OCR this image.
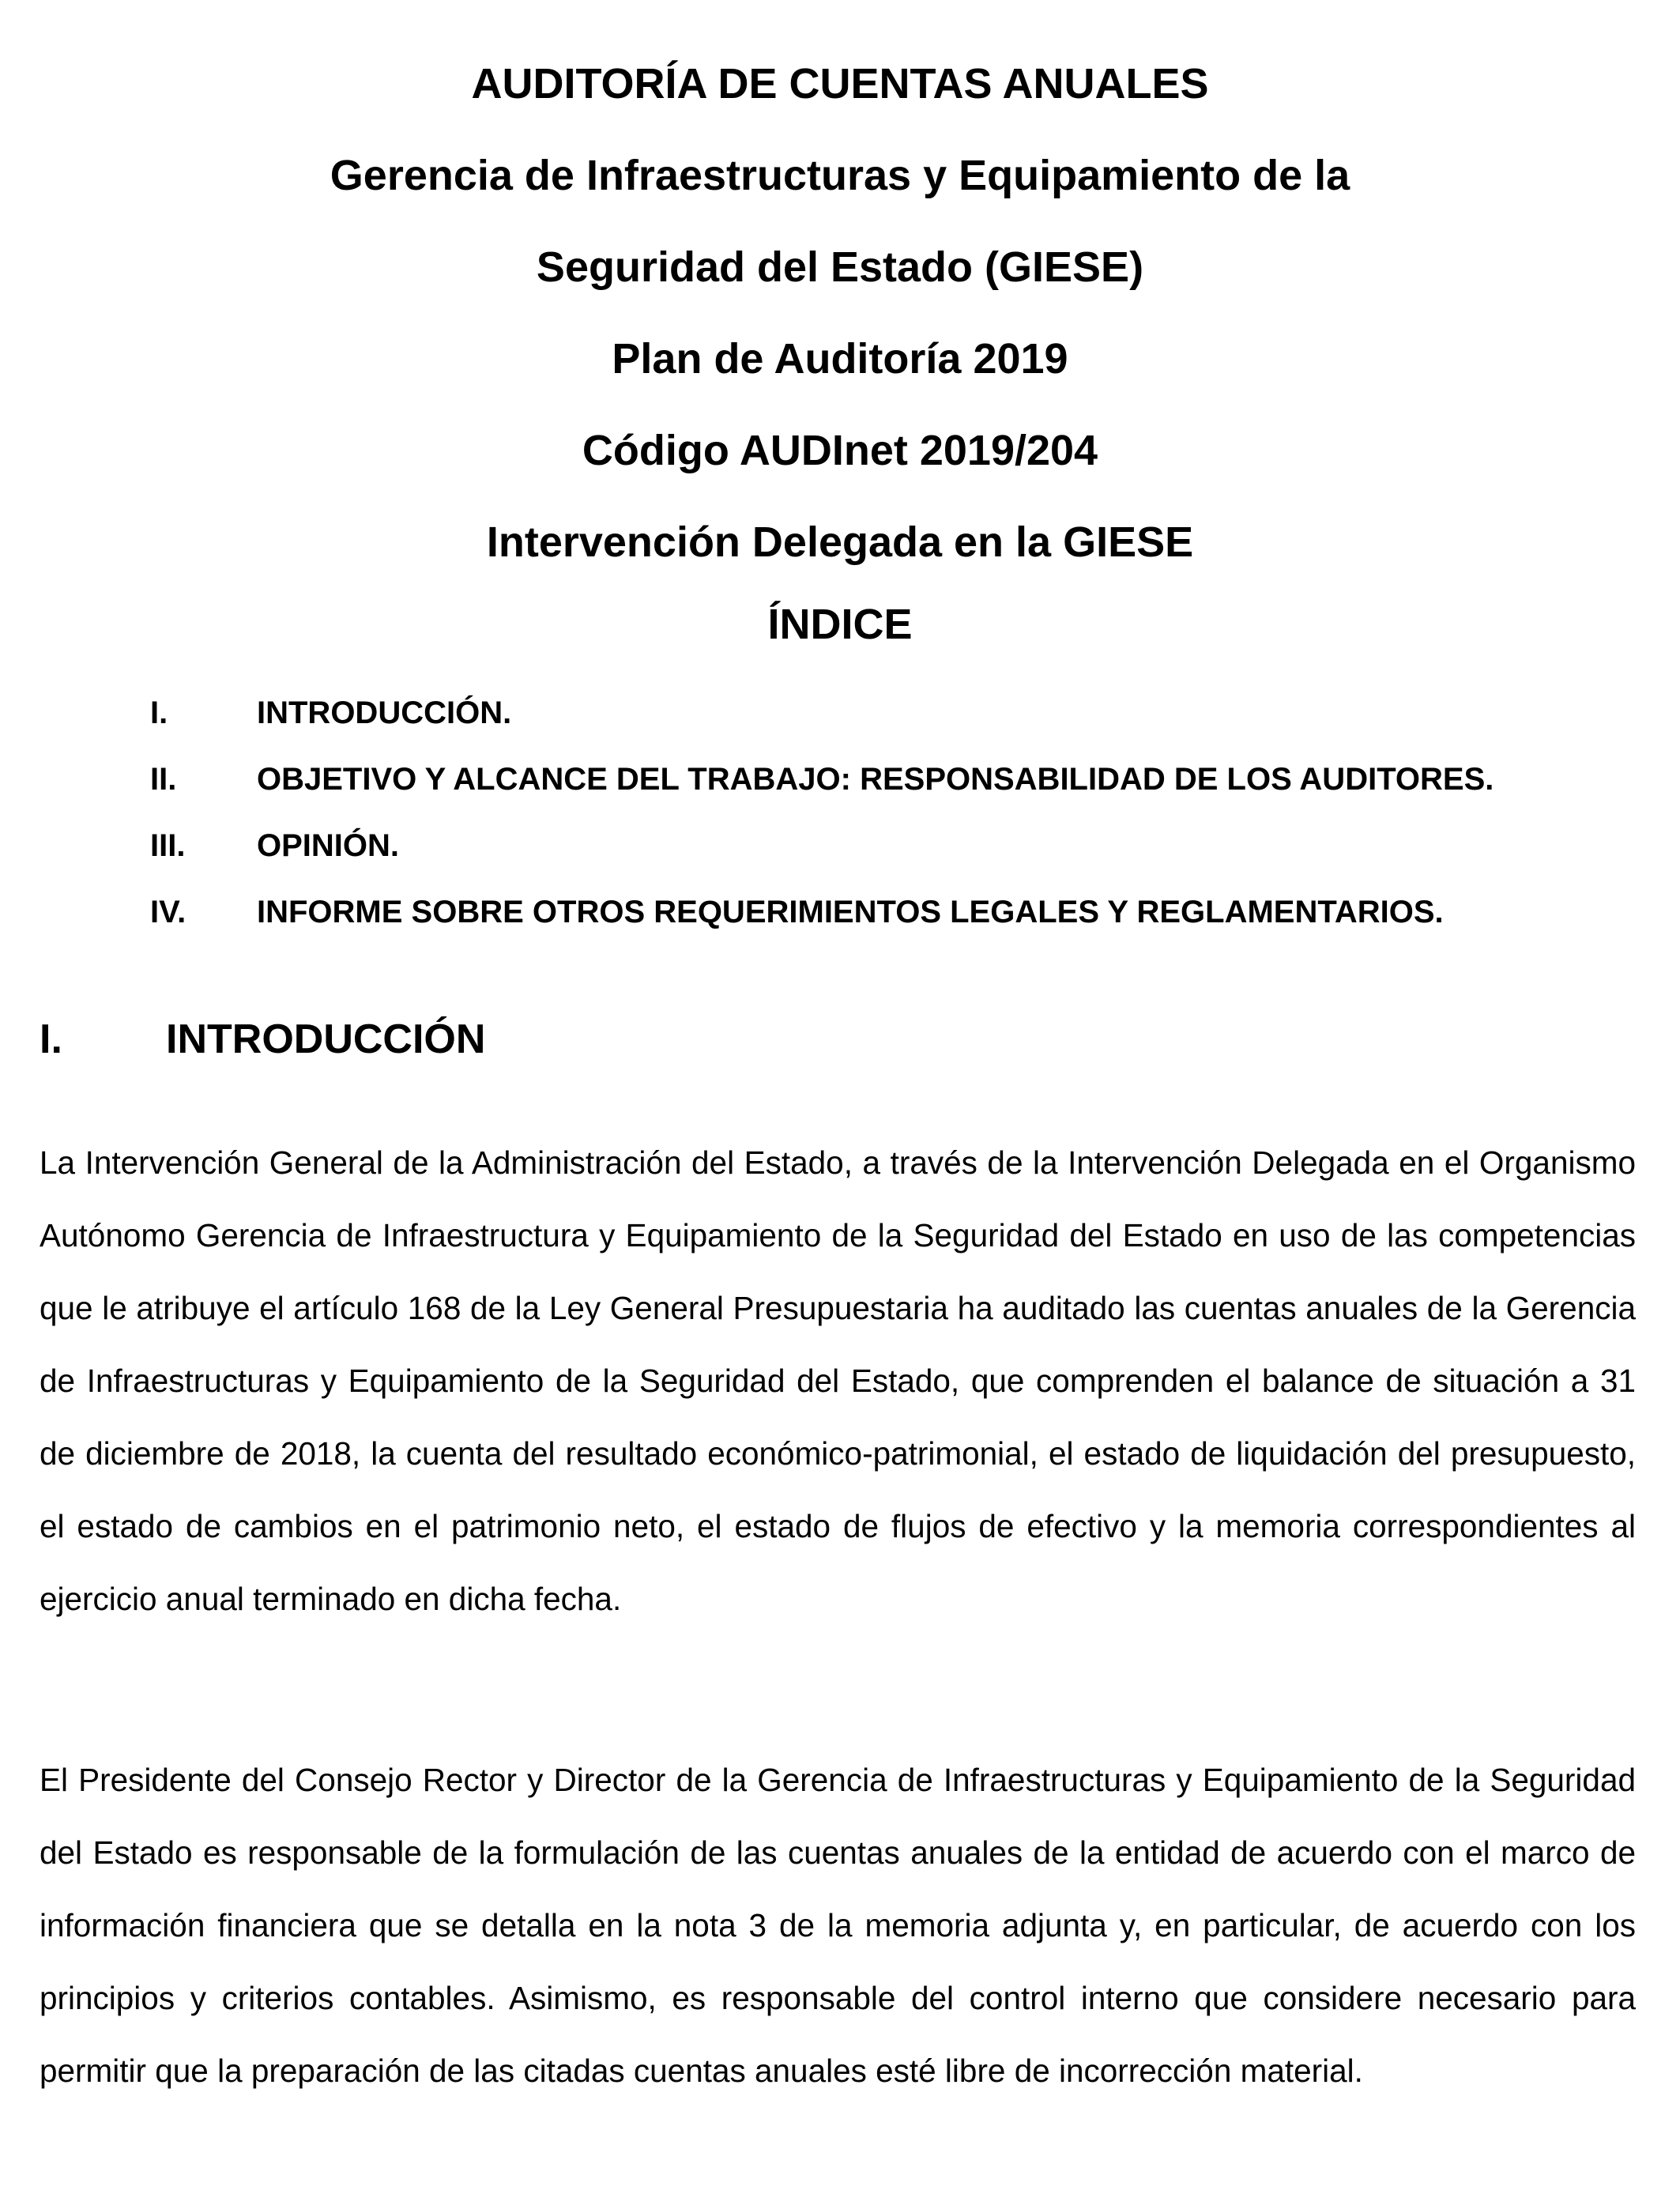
AUDITORÍA DE CUENTAS ANUALES
Gerencia de Infraestructuras y Equipamiento de la
Seguridad del Estado (GIESE)
Plan de Auditoría 2019
Código AUDInet 2019/204
Intervención Delegada en la GIESE
ÍNDICE
I.	INTRODUCCIÓN.
II.	OBJETIVO Y ALCANCE DEL TRABAJO: RESPONSABILIDAD DE LOS AUDITORES.
III.	OPINIÓN.
IV.	INFORME SOBRE OTROS REQUERIMIENTOS LEGALES Y REGLAMENTARIOS.
I.	INTRODUCCIÓN

La Intervención General de la Administración del Estado, a través de la Intervención Delegada en el Organismo Autónomo Gerencia de Infraestructura y Equipamiento de la Seguridad del Estado en uso de las competencias que le atribuye el artículo 168 de la Ley General Presupuestaria ha auditado las cuentas anuales de la Gerencia de Infraestructuras y Equipamiento de la Seguridad del Estado, que comprenden el balance de situación a 31 de diciembre de 2018, la cuenta del resultado económico-patrimonial, el estado de liquidación del presupuesto, el estado de cambios en el patrimonio neto, el estado de flujos de efectivo y la memoria correspondientes al ejercicio anual terminado en dicha fecha.

El Presidente del Consejo Rector y Director de la Gerencia de Infraestructuras y Equipamiento de la Seguridad del Estado es responsable de la formulación de las cuentas anuales de la entidad de acuerdo con el marco de información financiera que se detalla en la nota 3 de la memoria adjunta y, en particular, de acuerdo con los principios y criterios contables. Asimismo, es responsable del control interno que considere necesario para permitir que la preparación de las citadas cuentas anuales esté libre de incorrección material.
